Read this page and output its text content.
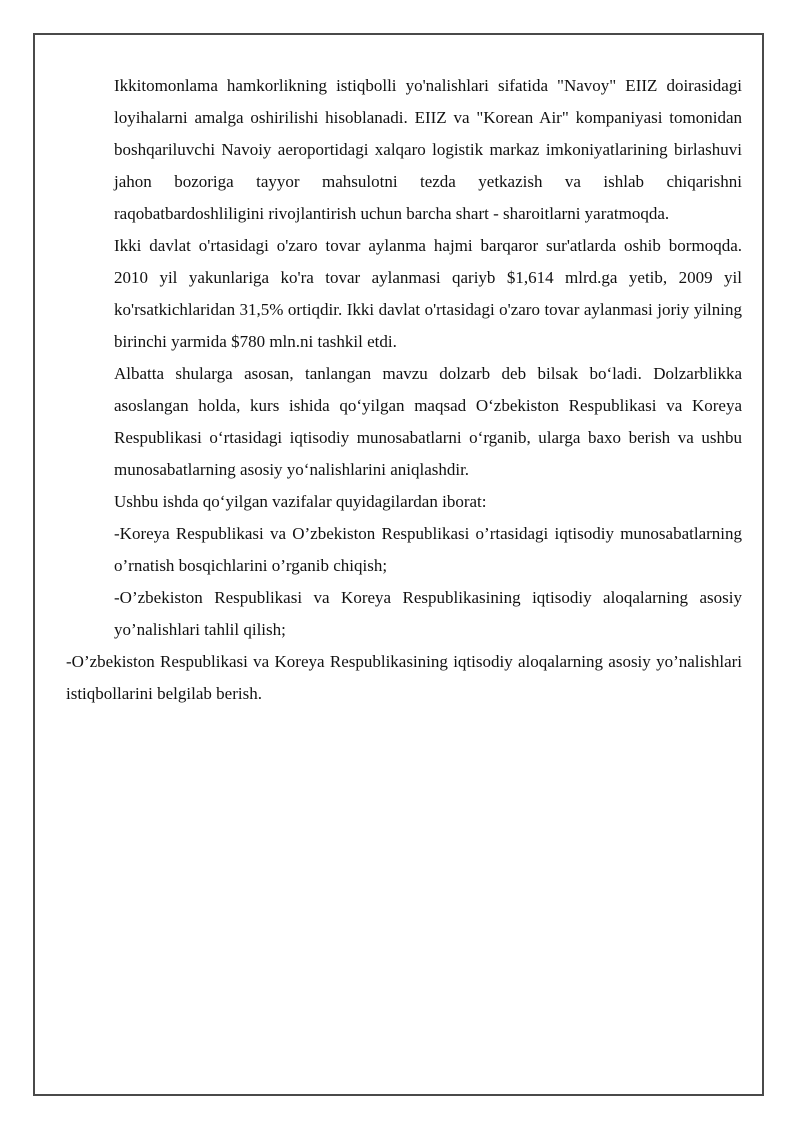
Ikkitomonlama hamkorlikning istiqbolli yo'nalishlari sifatida "Navoy" EIIZ doirasidagi loyihalarni amalga oshirilishi hisoblanadi. EIIZ va "Korean Air" kompaniyasi tomonidan boshqariluvchi Navoiy aeroportidagi xalqaro logistik markaz imkoniyatlarining birlashuvi jahon bozoriga tayyor mahsulotni tezda yetkazish va ishlab chiqarishni raqobatbardoshliligini rivojlantirish uchun barcha shart - sharoitlarni yaratmoqda.

Ikki davlat o'rtasidagi o'zaro tovar aylanma hajmi barqaror sur'atlarda oshib bormoqda. 2010 yil yakunlariga ko'ra tovar aylanmasi qariyb $1,614 mlrd.ga yetib, 2009 yil ko'rsatkichlaridan 31,5% ortiqdir. Ikki davlat o'rtasidagi o'zaro tovar aylanmasi joriy yilning birinchi yarmida $780 mln.ni tashkil etdi.

Albatta shularga asosan, tanlangan mavzu dolzarb deb bilsak bo‘ladi. Dolzarblikka asoslangan holda, kurs ishida qo‘yilgan maqsad O‘zbekiston Respublikasi va Koreya Respublikasi o‘rtasidagi iqtisodiy munosabatlarni o‘rganib, ularga baxo berish va ushbu munosabatlarning asosiy yo‘nalishlarini aniqlashdir.

Ushbu ishda qo‘yilgan vazifalar quyidagilardan iborat:

-Koreya Respublikasi va O’zbekiston Respublikasi o’rtasidagi iqtisodiy munosabatlarning o’rnatish bosqichlarini o’rganib chiqish;

-O’zbekiston Respublikasi va Koreya Respublikasining iqtisodiy aloqalarning asosiy yo’nalishlari tahlil qilish;

-O’zbekiston Respublikasi va Koreya Respublikasining iqtisodiy aloqalarning asosiy yo’nalishlari istiqbollarini belgilab berish.
